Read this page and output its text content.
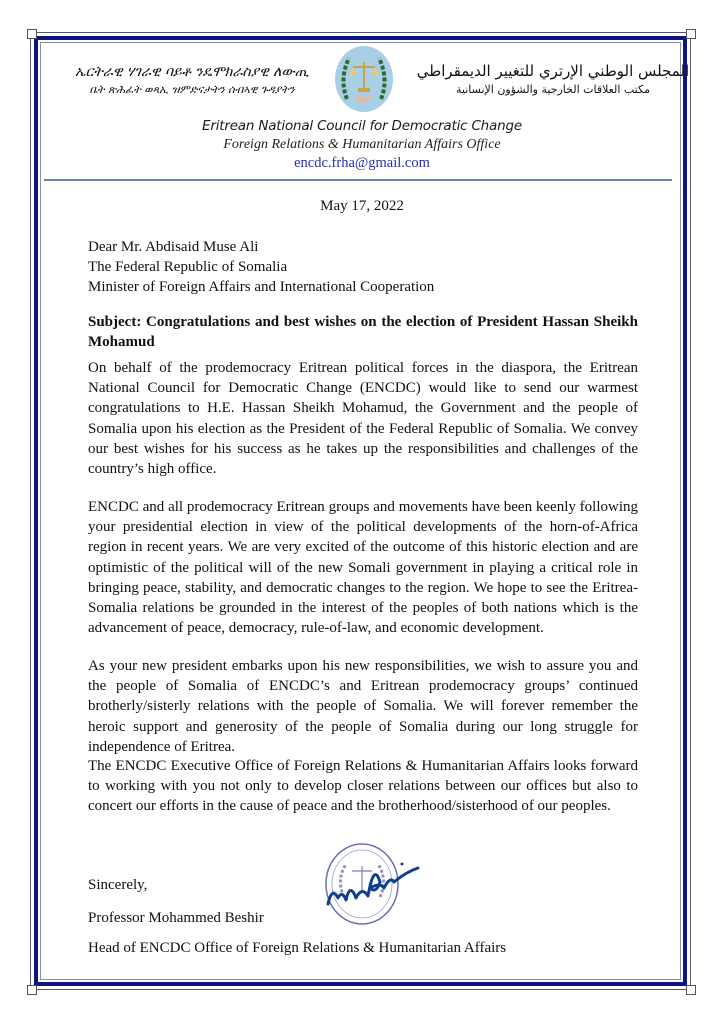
ኤርትራዊ ሃገራዊ ባይቶ ንዴሞክራስያዊ ለውጢ
ቤት ጽሕፈት ወጻኢ ዝምድናታትን ሰብኣዊ ጉዳያትን
المجلس الوطني الإرتري للتغيير الديمقراطي
مكتب العلاقات الخارجية والشؤون الإنسانية
Eritrean National Council for Democratic Change
Foreign Relations & Humanitarian Affairs Office
encdc.frha@gmail.com
May 17, 2022
Dear Mr. Abdisaid Muse Ali
The Federal Republic of Somalia
Minister of Foreign Affairs and International Cooperation
Subject: Congratulations and best wishes on the election of President Hassan Sheikh Mohamud

On behalf of the prodemocracy Eritrean political forces in the diaspora, the Eritrean National Council for Democratic Change (ENCDC) would like to send our warmest congratulations to H.E. Hassan Sheikh Mohamud, the Government and the people of Somalia upon his election as the President of the Federal Republic of Somalia. We convey our best wishes for his success as he takes up the responsibilities and challenges of the country’s high office.

ENCDC and all prodemocracy Eritrean groups and movements have been keenly following your presidential election in view of the political developments of the horn-of-Africa region in recent years. We are very excited of the outcome of this historic election and are optimistic of the political will of the new Somali government in playing a critical role in bringing peace, stability, and democratic changes to the region. We hope to see the Eritrea-Somalia relations be grounded in the interest of the peoples of both nations which is the advancement of peace, democracy, rule-of-law, and economic development.

As your new president embarks upon his new responsibilities, we wish to assure you and the people of Somalia of ENCDC’s and Eritrean prodemocracy groups’ continued brotherly/sisterly relations with the people of Somalia. We will forever remember the heroic support and generosity of the people of Somalia during our long struggle for independence of Eritrea.

The ENCDC Executive Office of Foreign Relations & Humanitarian Affairs looks forward to working with you not only to develop closer relations between our offices but also to concert our efforts in the cause of peace and the brotherhood/sisterhood of our peoples.

Sincerely,
Professor Mohammed Beshir
Head of ENCDC Office of Foreign Relations & Humanitarian Affairs
